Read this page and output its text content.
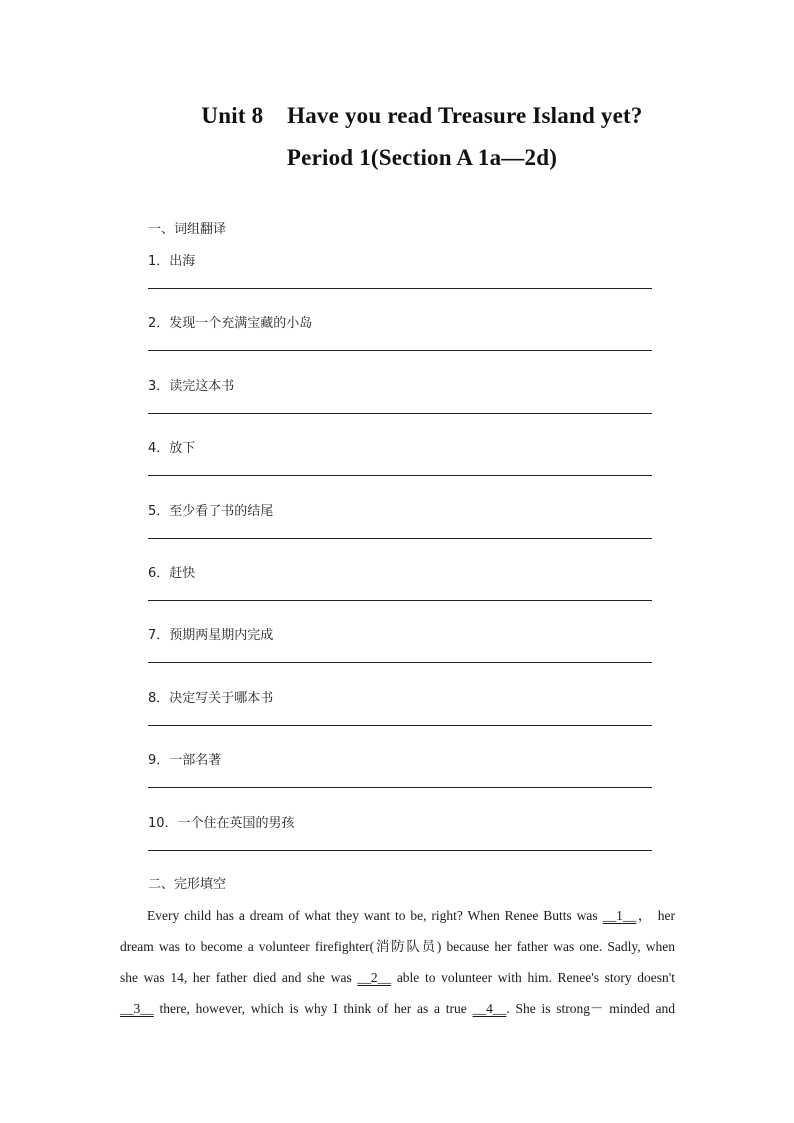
Unit 8    Have you read Treasure Island yet?
Period 1(Section A 1a—2d)
一、词组翻译
1．出海
2．发现一个充满宝藏的小岛
3．读完这本书
4．放下
5．至少看了书的结尾
6．赶快
7．预期两星期内完成
8．决定写关于哪本书
9．一部名著
10．一个住在英国的男孩
二、完形填空
Every child has a dream of what they want to be, right? When Renee Butts was __1__， her
dream was to become a volunteer firefighter(消防队员) because her father was one. Sadly, when
she was 14, her father died and she was __2__ able to volunteer with him. Renee's story doesn't
__3__ there, however, which is why I think of her as a true __4__. She is strong－ minded and
